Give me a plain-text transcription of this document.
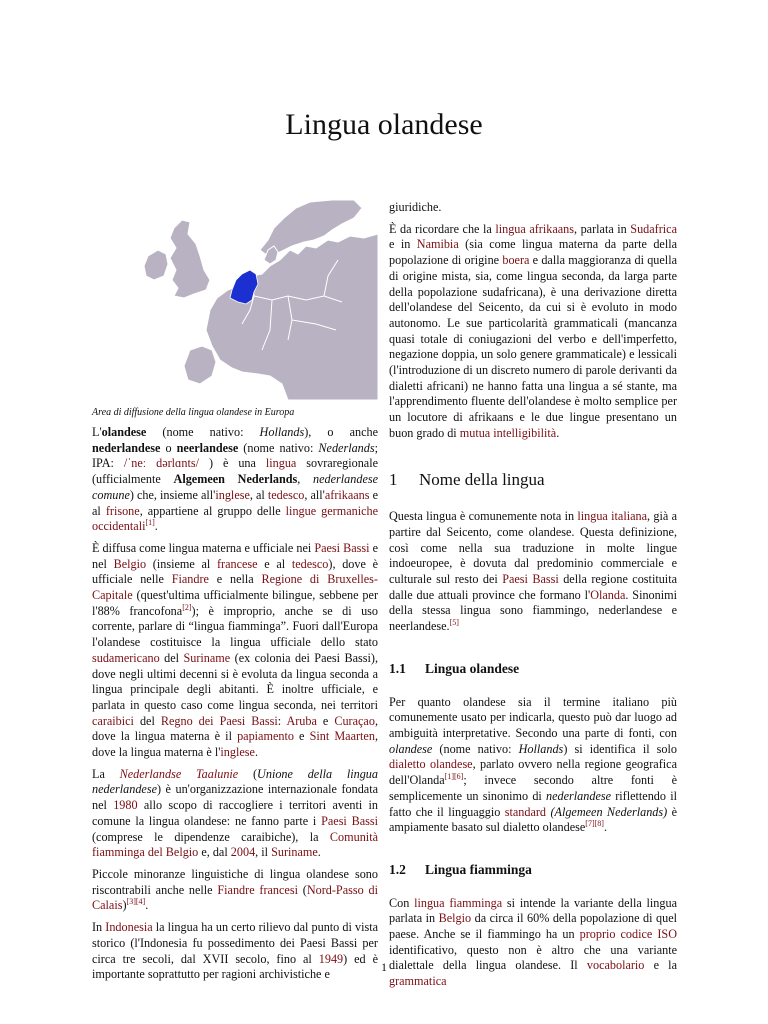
Lingua olandese

Area di diffusione della lingua olandese in Europa

L'olandese (nome nativo: Hollands), o anche nederlandese o neerlandese (nome nativo: Nederlands; IPA: /ˈneː dərlɑnts/ ) è una lingua sovraregionale (ufficialmente Algemeen Nederlands, nederlandese comune) che, insieme all'inglese, al tedesco, all'afrikaans e al frisone, appartiene al gruppo delle lingue germaniche occidentali[1].

È diffusa come lingua materna e ufficiale nei Paesi Bassi e nel Belgio (insieme al francese e al tedesco), dove è ufficiale nelle Fiandre e nella Regione di Bruxelles-Capitale (quest'ultima ufficialmente bilingue, sebbene per l'88% francofona[2]); è improprio, anche se di uso corrente, parlare di “lingua fiamminga”. Fuori dall'Europa l'olandese costituisce la lingua ufficiale dello stato sudamericano del Suriname (ex colonia dei Paesi Bassi), dove negli ultimi decenni si è evoluta da lingua seconda a lingua principale degli abitanti. È inoltre ufficiale, e parlata in questo caso come lingua seconda, nei territori caraibici del Regno dei Paesi Bassi: Aruba e Curaçao, dove la lingua materna è il papiamento e Sint Maarten, dove la lingua materna è l'inglese.

La Nederlandse Taalunie (Unione della lingua nederlandese) è un'organizzazione internazionale fondata nel 1980 allo scopo di raccogliere i territori aventi in comune la lingua olandese: ne fanno parte i Paesi Bassi (comprese le dipendenze caraibiche), la Comunità fiamminga del Belgio e, dal 2004, il Suriname.

Piccole minoranze linguistiche di lingua olandese sono riscontrabili anche nelle Fiandre francesi (Nord-Passo di Calais)[3][4].

In Indonesia la lingua ha un certo rilievo dal punto di vista storico (l'Indonesia fu possedimento dei Paesi Bassi per circa tre secoli, dal XVII secolo, fino al 1949) ed è importante soprattutto per ragioni archivistiche e

giuridiche.

È da ricordare che la lingua afrikaans, parlata in Sudafrica e in Namibia (sia come lingua materna da parte della popolazione di origine boera e dalla maggioranza di quella di origine mista, sia, come lingua seconda, da larga parte della popolazione sudafricana), è una derivazione diretta dell'olandese del Seicento, da cui si è evoluto in modo autonomo. Le sue particolarità grammaticali (mancanza quasi totale di coniugazioni del verbo e dell'imperfetto, negazione doppia, un solo genere grammaticale) e lessicali (l'introduzione di un discreto numero di parole derivanti da dialetti africani) ne hanno fatta una lingua a sé stante, ma l'apprendimento fluente dell'olandese è molto semplice per un locutore di afrikaans e le due lingue presentano un buon grado di mutua intelligibilità.

1 Nome della lingua

Questa lingua è comunemente nota in lingua italiana, già a partire dal Seicento, come olandese. Questa definizione, così come nella sua traduzione in molte lingue indoeuropee, è dovuta dal predominio commerciale e culturale sul resto dei Paesi Bassi della regione costituita dalle due attuali province che formano l'Olanda. Sinonimi della stessa lingua sono fiammingo, nederlandese e neerlandese.[5]

1.1 Lingua olandese

Per quanto olandese sia il termine italiano più comunemente usato per indicarla, questo può dar luogo ad ambiguità interpretative. Secondo una parte di fonti, con olandese (nome nativo: Hollands) si identifica il solo dialetto olandese, parlato ovvero nella regione geografica dell'Olanda[1][6]; invece secondo altre fonti è semplicemente un sinonimo di nederlandese riflettendo il fatto che il linguaggio standard (Algemeen Nederlands) è ampiamente basato sul dialetto olandese[7][8].

1.2 Lingua fiamminga

Con lingua fiamminga si intende la variante della lingua parlata in Belgio da circa il 60% della popolazione di quel paese. Anche se il fiammingo ha un proprio codice ISO identificativo, questo non è altro che una variante dialettale della lingua olandese. Il vocabolario e la grammatica

1
